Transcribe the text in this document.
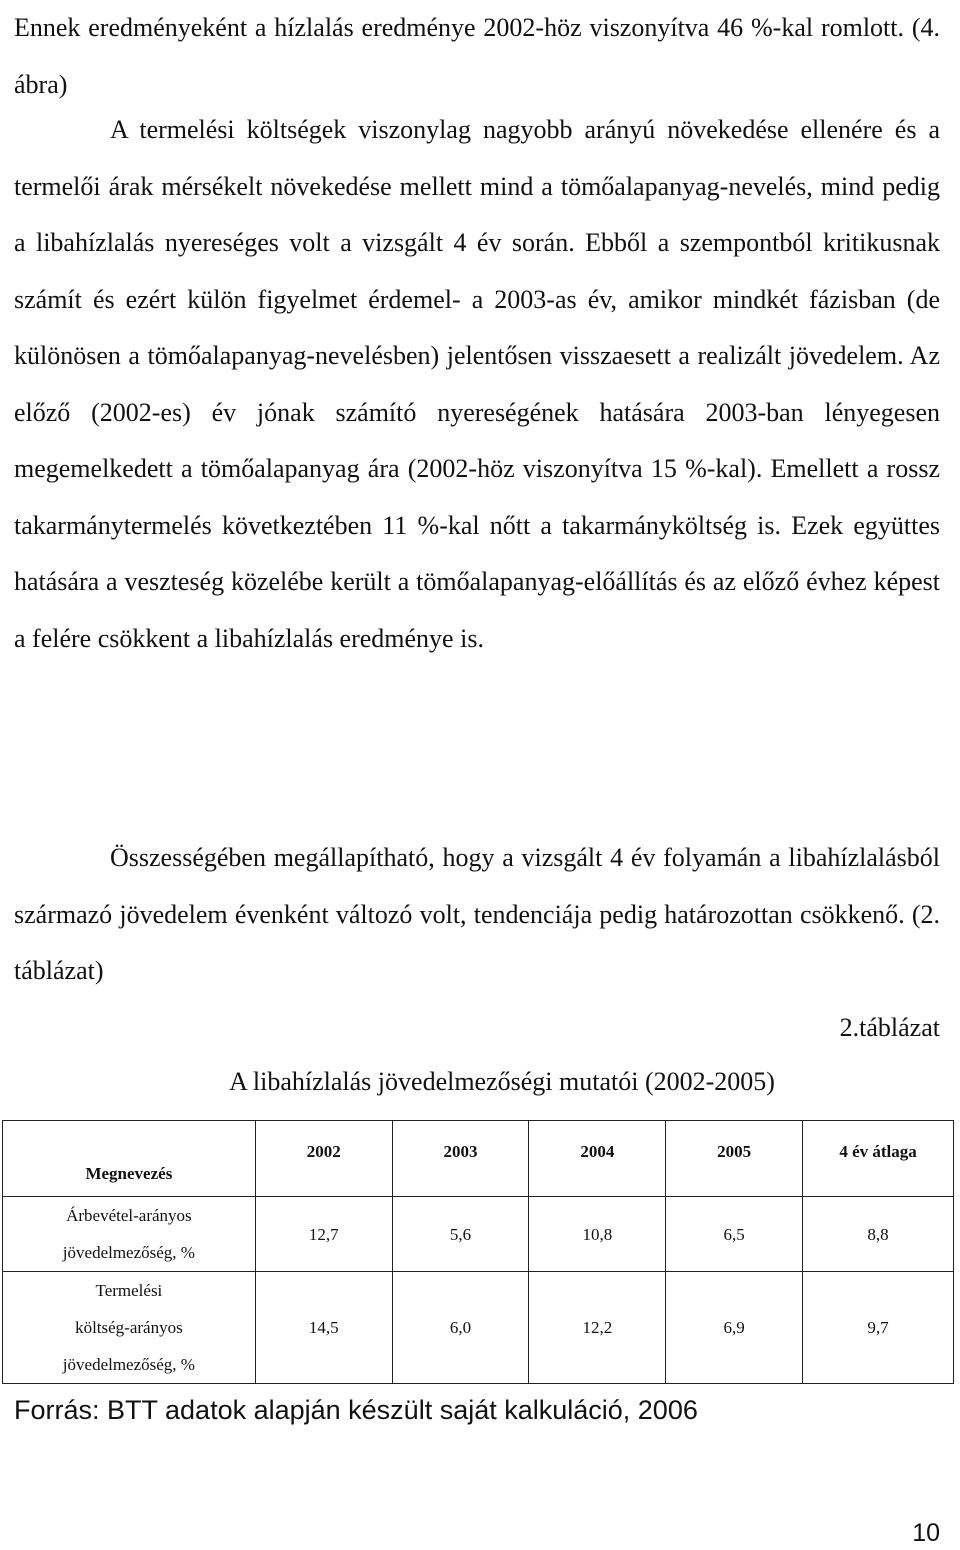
Ennek eredményeként a hízlalás eredménye 2002-höz viszonyítva 46 %-kal romlott. (4. ábra)

A termelési költségek viszonylag nagyobb arányú növekedése ellenére és a termelői árak mérsékelt növekedése mellett mind a tömőalapanyag-nevelés, mind pedig a libahízlalás nyereséges volt a vizsgált 4 év során. Ebből a szempontból kritikusnak számít és ezért külön figyelmet érdemel- a 2003-as év, amikor mindkét fázisban (de különösen a tömőalapanyag-nevelésben) jelentősen visszaesett a realizált jövedelem. Az előző (2002-es) év jónak számító nyereségének hatására 2003-ban lényegesen megemelkedett a tömőalapanyag ára (2002-höz viszonyítva 15 %-kal). Emellett a rossz takarmánytermelés következtében 11 %-kal nőtt a takarmányköltség is. Ezek együttes hatására a veszteség közelébe került a tömőalapanyag-előállítás és az előző évhez képest a felére csökkent a libahízlalás eredménye is.

Összességében megállapítható, hogy a vizsgált 4 év folyamán a libahízlalásból származó jövedelem évenként változó volt, tendenciája pedig határozottan csökkenő. (2. táblázat)

2.táblázat

A libahízlalás jövedelmezőségi mutatói (2002-2005)

Megnevezés	2002	2003	2004	2005	4 év átlaga

Árbevétel-arányos
jövedelmezőség, %	12,7	5,6	10,8	6,5	8,8

Termelési
költség-arányos
jövedelmezőség, %	14,5	6,0	12,2	6,9	9,7

Forrás: BTT adatok alapján készült saját kalkuláció, 2006

10
